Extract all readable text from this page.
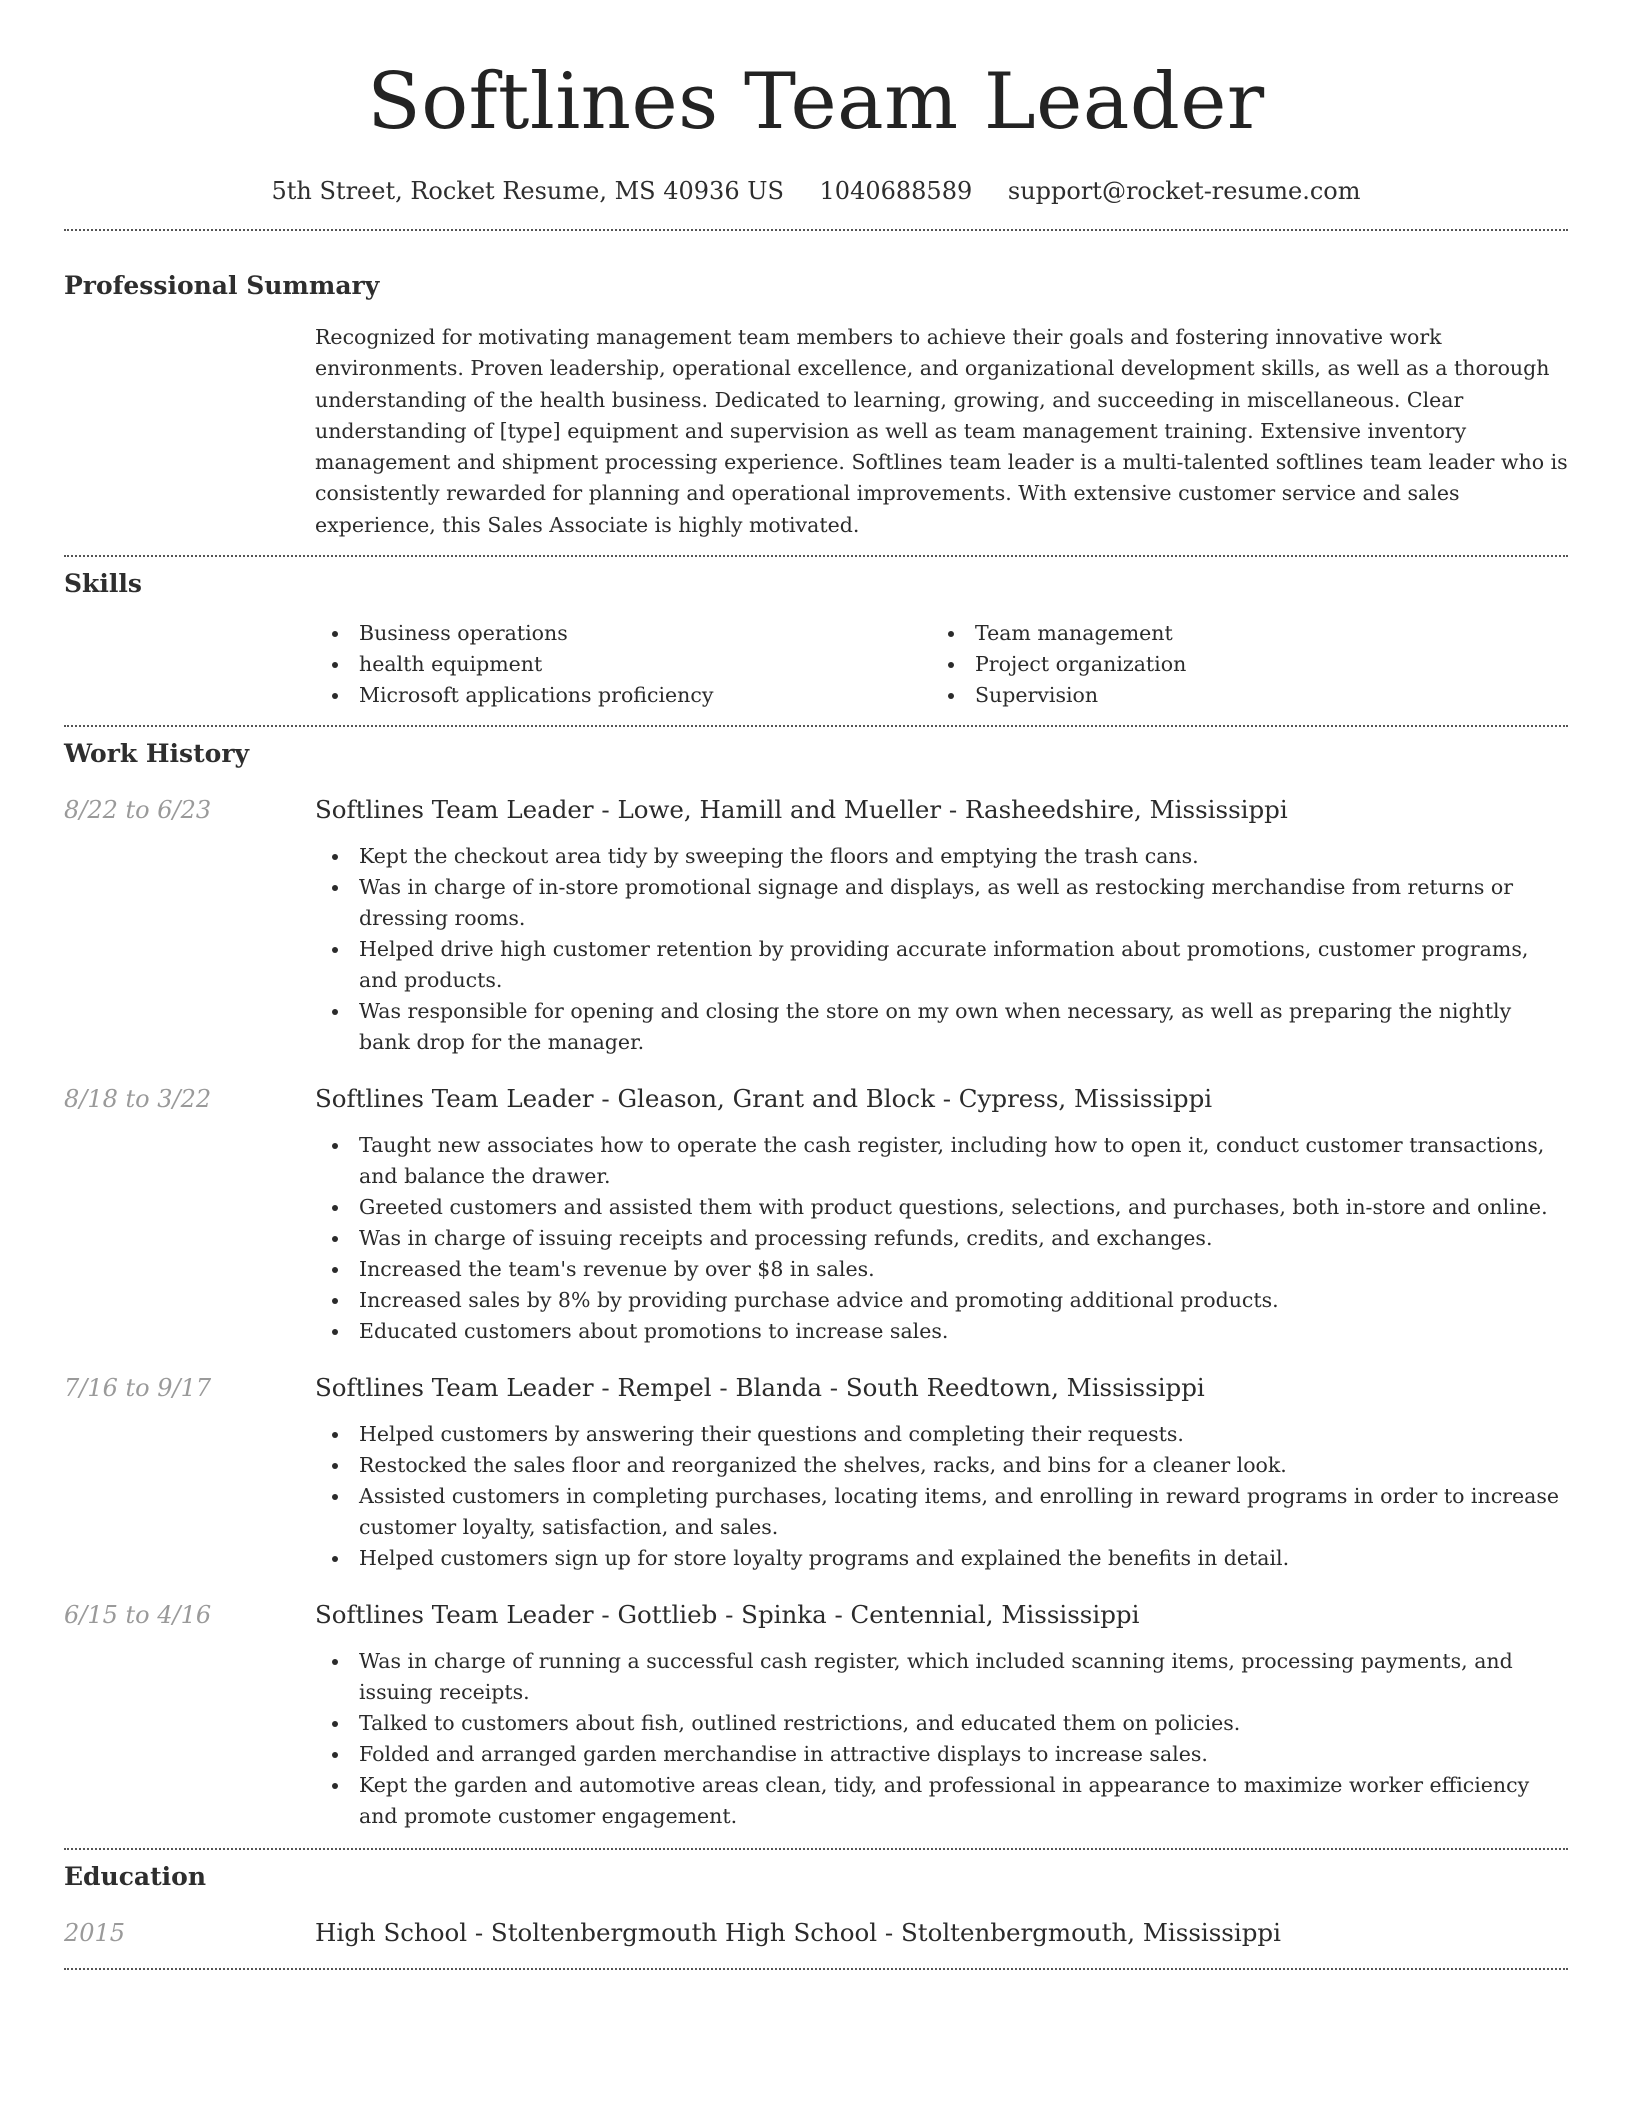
Softlines Team Leader
5th Street, Rocket Resume, MS 40936 US 1040688589 support@rocket-resume.com
Professional Summary

Recognized for motivating management team members to achieve their goals and fostering innovative work environments. Proven leadership, operational excellence, and organizational development skills, as well as a thorough understanding of the health business. Dedicated to learning, growing, and succeeding in miscellaneous. Clear understanding of [type] equipment and supervision as well as team management training. Extensive inventory management and shipment processing experience. Softlines team leader is a multi-talented softlines team leader who is consistently rewarded for planning and operational improvements. With extensive customer service and sales experience, this Sales Associate is highly motivated.

Skills
Business operations
health equipment
Microsoft applications proficiency
Team management
Project organization
Supervision
Work History
8/22 to 6/23	Softlines Team Leader - Lowe, Hamill and Mueller - Rasheedshire, Mississippi
Kept the checkout area tidy by sweeping the floors and emptying the trash cans.
Was in charge of in-store promotional signage and displays, as well as restocking merchandise from returns or dressing rooms.
Helped drive high customer retention by providing accurate information about promotions, customer programs, and products.
Was responsible for opening and closing the store on my own when necessary, as well as preparing the nightly bank drop for the manager.
8/18 to 3/22	Softlines Team Leader - Gleason, Grant and Block - Cypress, Mississippi
Taught new associates how to operate the cash register, including how to open it, conduct customer transactions, and balance the drawer.
Greeted customers and assisted them with product questions, selections, and purchases, both in-store and online.
Was in charge of issuing receipts and processing refunds, credits, and exchanges.
Increased the team's revenue by over $8 in sales.
Increased sales by 8% by providing purchase advice and promoting additional products.
Educated customers about promotions to increase sales.
7/16 to 9/17	Softlines Team Leader - Rempel - Blanda - South Reedtown, Mississippi
Helped customers by answering their questions and completing their requests.
Restocked the sales floor and reorganized the shelves, racks, and bins for a cleaner look.
Assisted customers in completing purchases, locating items, and enrolling in reward programs in order to increase customer loyalty, satisfaction, and sales.
Helped customers sign up for store loyalty programs and explained the benefits in detail.
6/15 to 4/16	Softlines Team Leader - Gottlieb - Spinka - Centennial, Mississippi
Was in charge of running a successful cash register, which included scanning items, processing payments, and issuing receipts.
Talked to customers about fish, outlined restrictions, and educated them on policies.
Folded and arranged garden merchandise in attractive displays to increase sales.
Kept the garden and automotive areas clean, tidy, and professional in appearance to maximize worker efficiency and promote customer engagement.
Education
2015	High School - Stoltenbergmouth High School - Stoltenbergmouth, Mississippi
